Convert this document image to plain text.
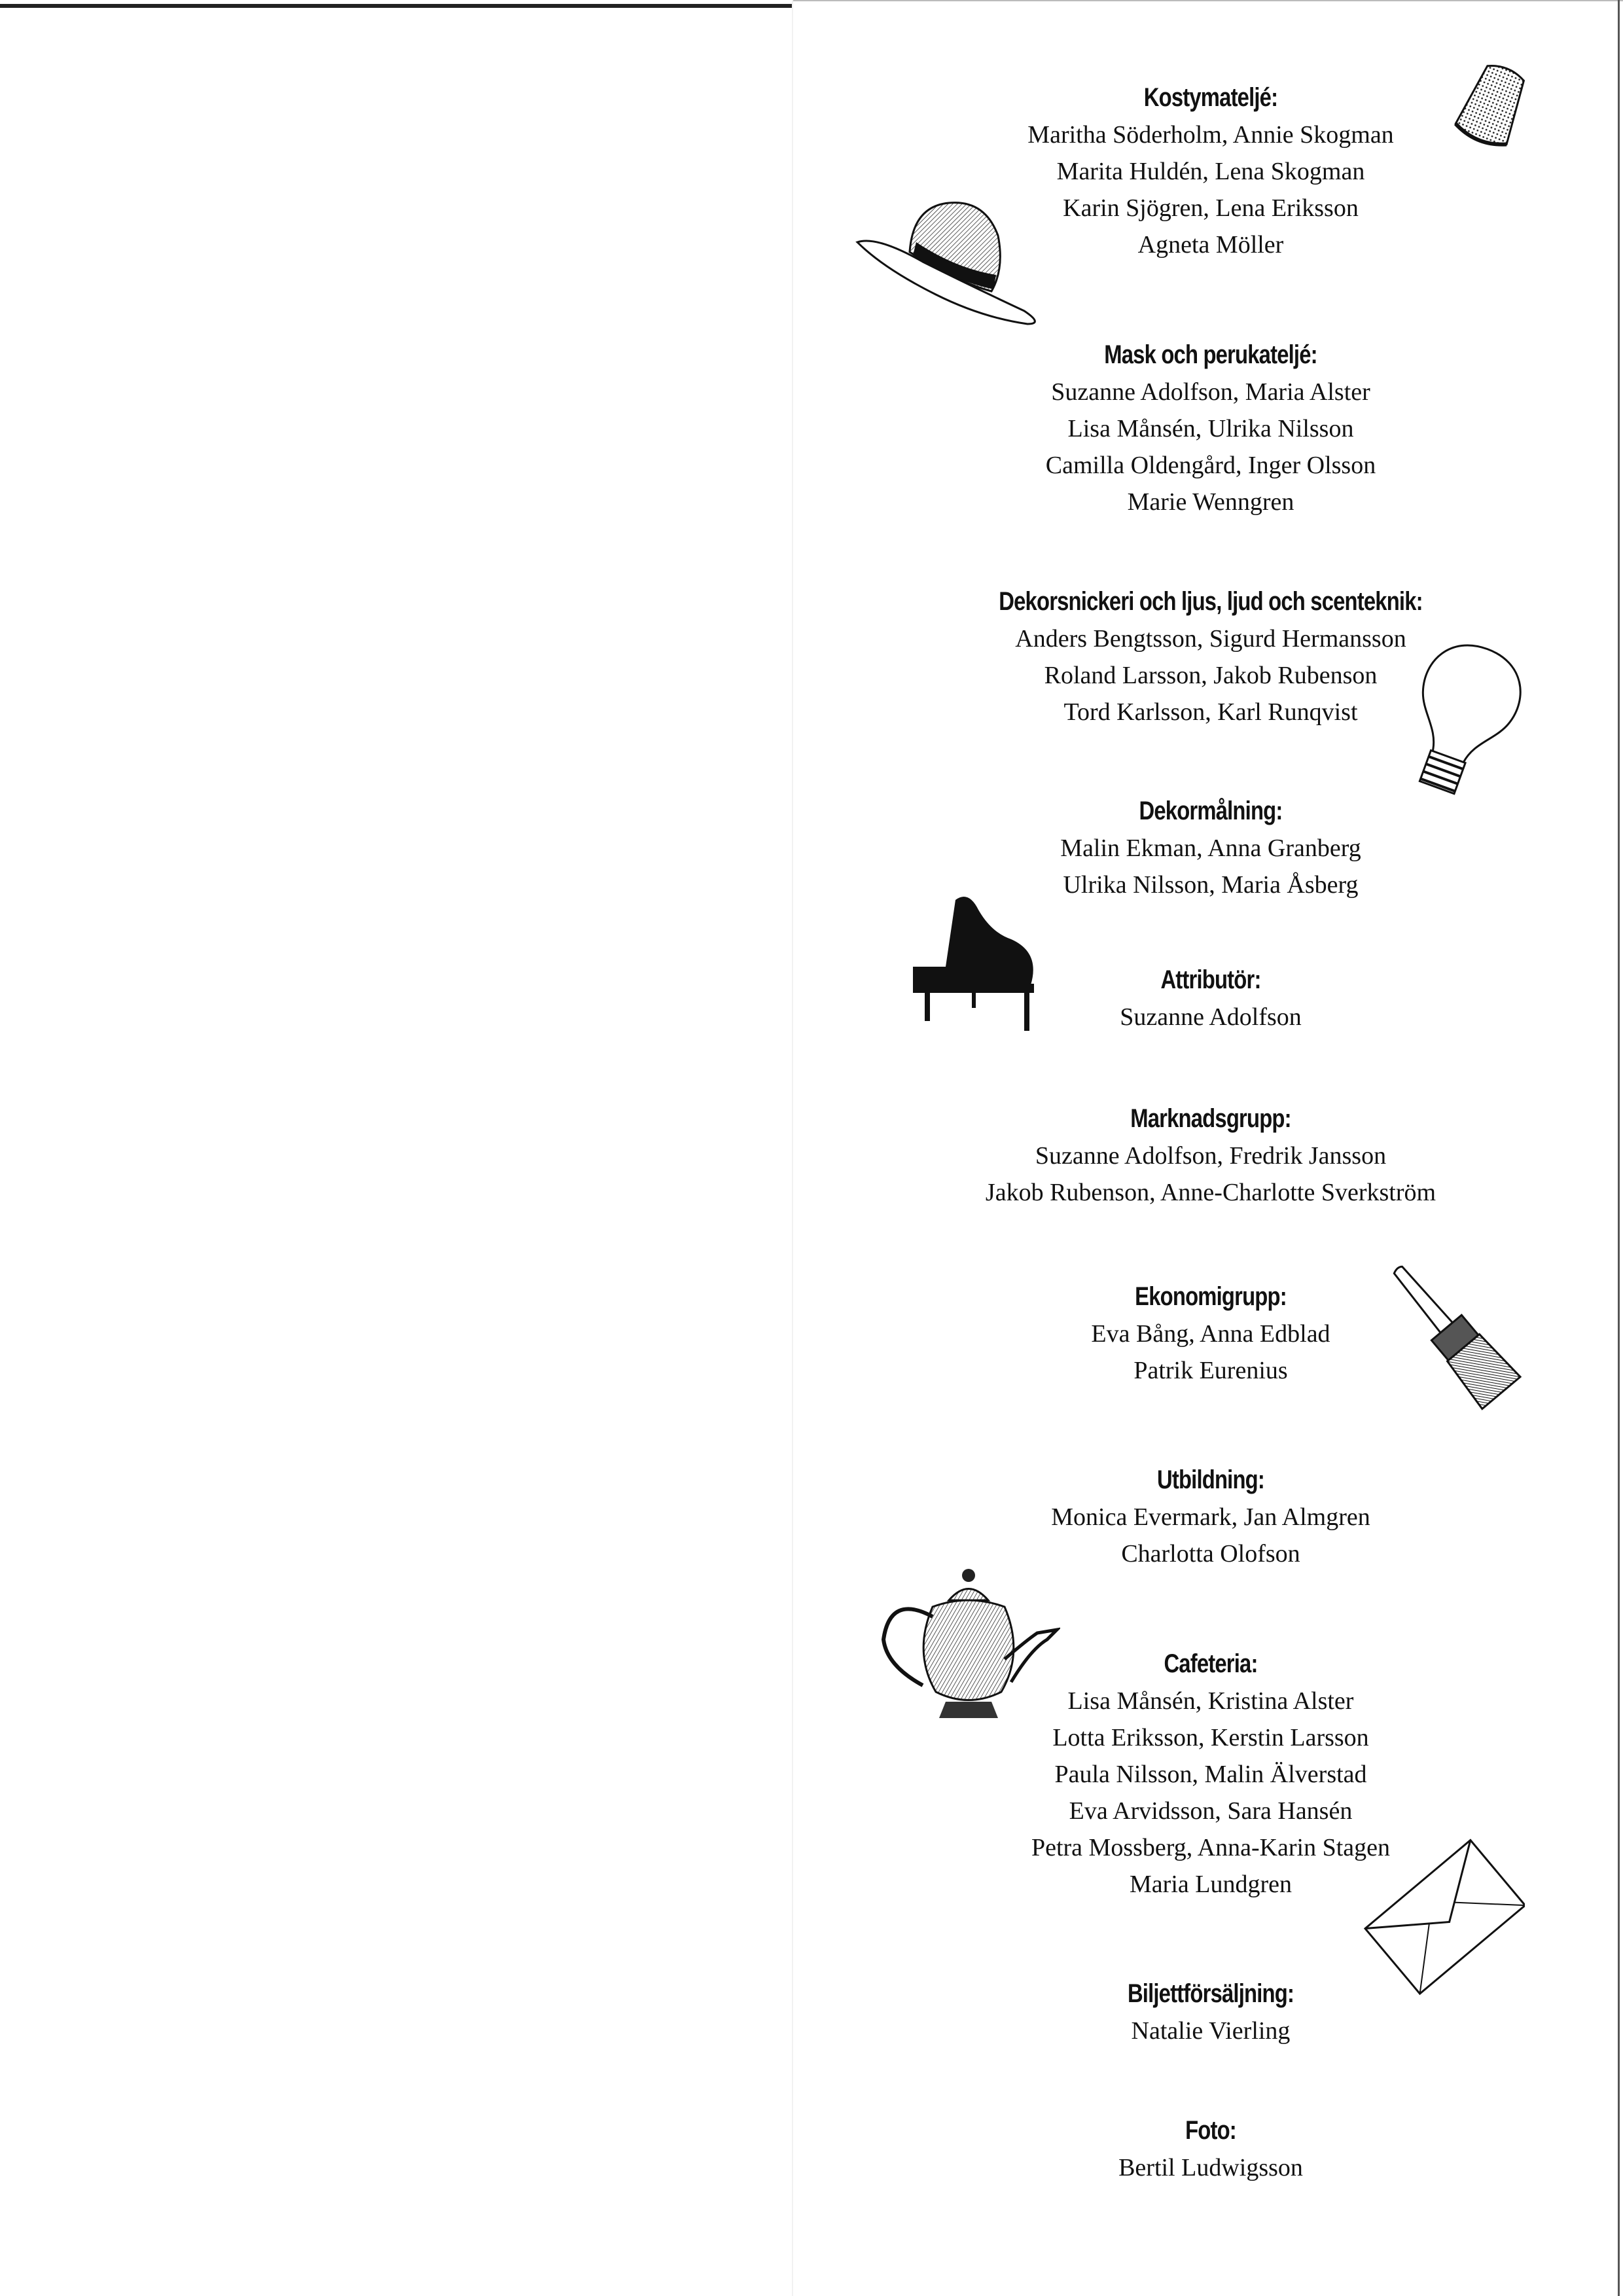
Kostymateljé:
Maritha Söderholm, Annie Skogman
Marita Huldén, Lena Skogman
Karin Sjögren, Lena Eriksson
Agneta Möller
Mask och perukateljé:
Suzanne Adolfson, Maria Alster
Lisa Månsén, Ulrika Nilsson
Camilla Oldengård, Inger Olsson
Marie Wenngren
Dekorsnickeri och ljus, ljud och scenteknik:
Anders Bengtsson, Sigurd Hermansson
Roland Larsson, Jakob Rubenson
Tord Karlsson, Karl Runqvist
Dekormålning:
Malin Ekman, Anna Granberg
Ulrika Nilsson, Maria Åsberg
Attributör:
Suzanne Adolfson
Marknadsgrupp:
Suzanne Adolfson, Fredrik Jansson
Jakob Rubenson, Anne-Charlotte Sverkström
Ekonomigrupp:
Eva Bång, Anna Edblad
Patrik Eurenius
Utbildning:
Monica Evermark, Jan Almgren
Charlotta Olofson
Cafeteria:
Lisa Månsén, Kristina Alster
Lotta Eriksson, Kerstin Larsson
Paula Nilsson, Malin Älverstad
Eva Arvidsson, Sara Hansén
Petra Mossberg, Anna-Karin Stagen
Maria Lundgren
Biljettförsäljning:
Natalie Vierling
Foto:
Bertil Ludwigsson
